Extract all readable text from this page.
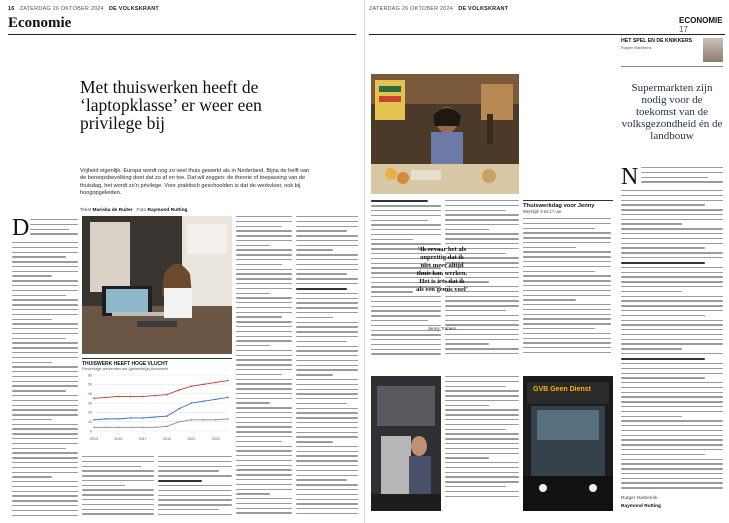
16 ZATERDAG 26 OKTOBER 2024 DE VOLKSKRANT
Economie
Met thuiswerken heeft de ‘laptopklasse’ er weer een privilege bij
Vrijheid eigenlijk. Europa wordt nog zo veel thuis gewerkt als in Nederland. Bijna de helft van de beroepsbevolking doet dat zo af en toe. Dat wil zeggen: de theorie of toepassing van de thuisdag, het wordt zo'n privilege. Voor praktisch geschoolden is dat de werkvloer, ook bij hoogopgeleiden.
Tekst Mariska de Ruiter Foto Raymond Rutting
D
THUISWERK HEEFT HOGE VLUCHT
Percentage werkenden dat (gedeeltelijk) thuiswerkt
0
10
20
30
40
50
60
2013	2015	2017	2019	2021	2023
ZATERDAG 26 OKTOBER 2024 DE VOLKSKRANT
ECONOMIE 17
‘Ik ervaar het als onprettig dat ik niet meer altijd thuis kan werken. Het is iets dat ik als een gemis voel’
Jenny Trahern
Thuiswerkdag voor Jenny
Werktijd: 9 tot 17 uur
GVB Geen Dienst
HET SPEL EN DE KNIKKERS
Rutger Harberink
Supermarkten zijn nodig voor de toekomst van de volksgezondheid én de landbouw
N
Rutger Harberink
Raymond Rutting
